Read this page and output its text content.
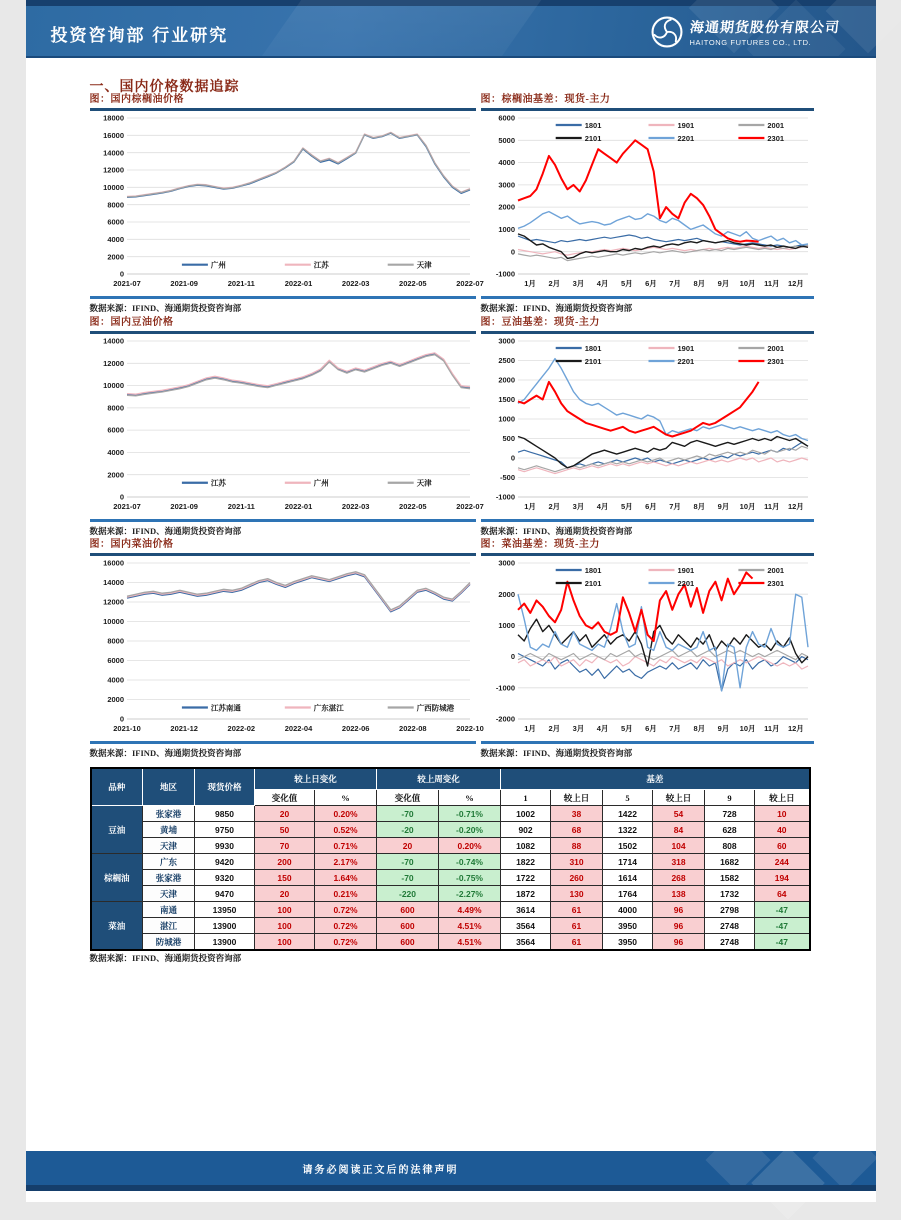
投资咨询部 行业研究	海通期货股份有限公司
HAITONG FUTURES CO., LTD.
一、国内价格数据追踪
图：国内棕榈油价格
0
2000
4000
6000
8000
10000
12000
14000
16000
18000
2021-07	2021-09	2021-11	2022-01	2022-03	2022-05	2022-07
广州	江苏	天津
数据来源：IFIND、海通期货投资咨询部
图：棕榈油基差：现货-主力
-1000
0
1000
2000
3000
4000
5000
6000
1月 2月 3月 4月 5月 6月 7月 8月 9月 10月 11月 12月
1801	1901	2001
2101	2201	2301
数据来源：IFIND、海通期货投资咨询部
图：国内豆油价格
0
2000
4000
6000
8000
10000
12000
14000
2021-07	2021-09	2021-11	2022-01	2022-03	2022-05	2022-07
江苏	广州	天津
数据来源：IFIND、海通期货投资咨询部
图：豆油基差：现货-主力
-1000
-500
0
500
1000
1500
2000
2500
3000
1月 2月 3月 4月 5月 6月 7月 8月 9月 10月 11月 12月
1801	1901	2001
2101	2201	2301
数据来源：IFIND、海通期货投资咨询部
图：国内菜油价格
0
2000
4000
6000
8000
10000
12000
14000
16000
2021-10	2021-12	2022-02	2022-04	2022-06	2022-08	2022-10
江苏南通	广东湛江	广西防城港
数据来源：IFIND、海通期货投资咨询部
图：菜油基差：现货-主力
-2000
-1000
0
1000
2000
3000
1月 2月 3月 4月 5月 6月 7月 8月 9月 10月 11月 12月
1801	1901	2001
2101	2201	2301
数据来源：IFIND、海通期货投资咨询部
品种	地区	现货价格	较上日变化		较上周变化		基差					
			变化值	%	变化值	%	1	较上日	5	较上日	9	较上日
豆油	张家港	9850	20	0.20%	-70	-0.71%	1002	38	1422	54	728	10
	黄埔	9750	50	0.52%	-20	-0.20%	902	68	1322	84	628	40
	天津	9930	70	0.71%	20	0.20%	1082	88	1502	104	808	60
棕榈油	广东	9420	200	2.17%	-70	-0.74%	1822	310	1714	318	1682	244
	张家港	9320	150	1.64%	-70	-0.75%	1722	260	1614	268	1582	194
	天津	9470	20	0.21%	-220	-2.27%	1872	130	1764	138	1732	64
菜油	南通	13950	100	0.72%	600	4.49%	3614	61	4000	96	2798	-47
	湛江	13900	100	0.72%	600	4.51%	3564	61	3950	96	2748	-47
	防城港	13900	100	0.72%	600	4.51%	3564	61	3950	96	2748	-47
数据来源：IFIND、海通期货投资咨询部
请务必阅读正文后的法律声明
